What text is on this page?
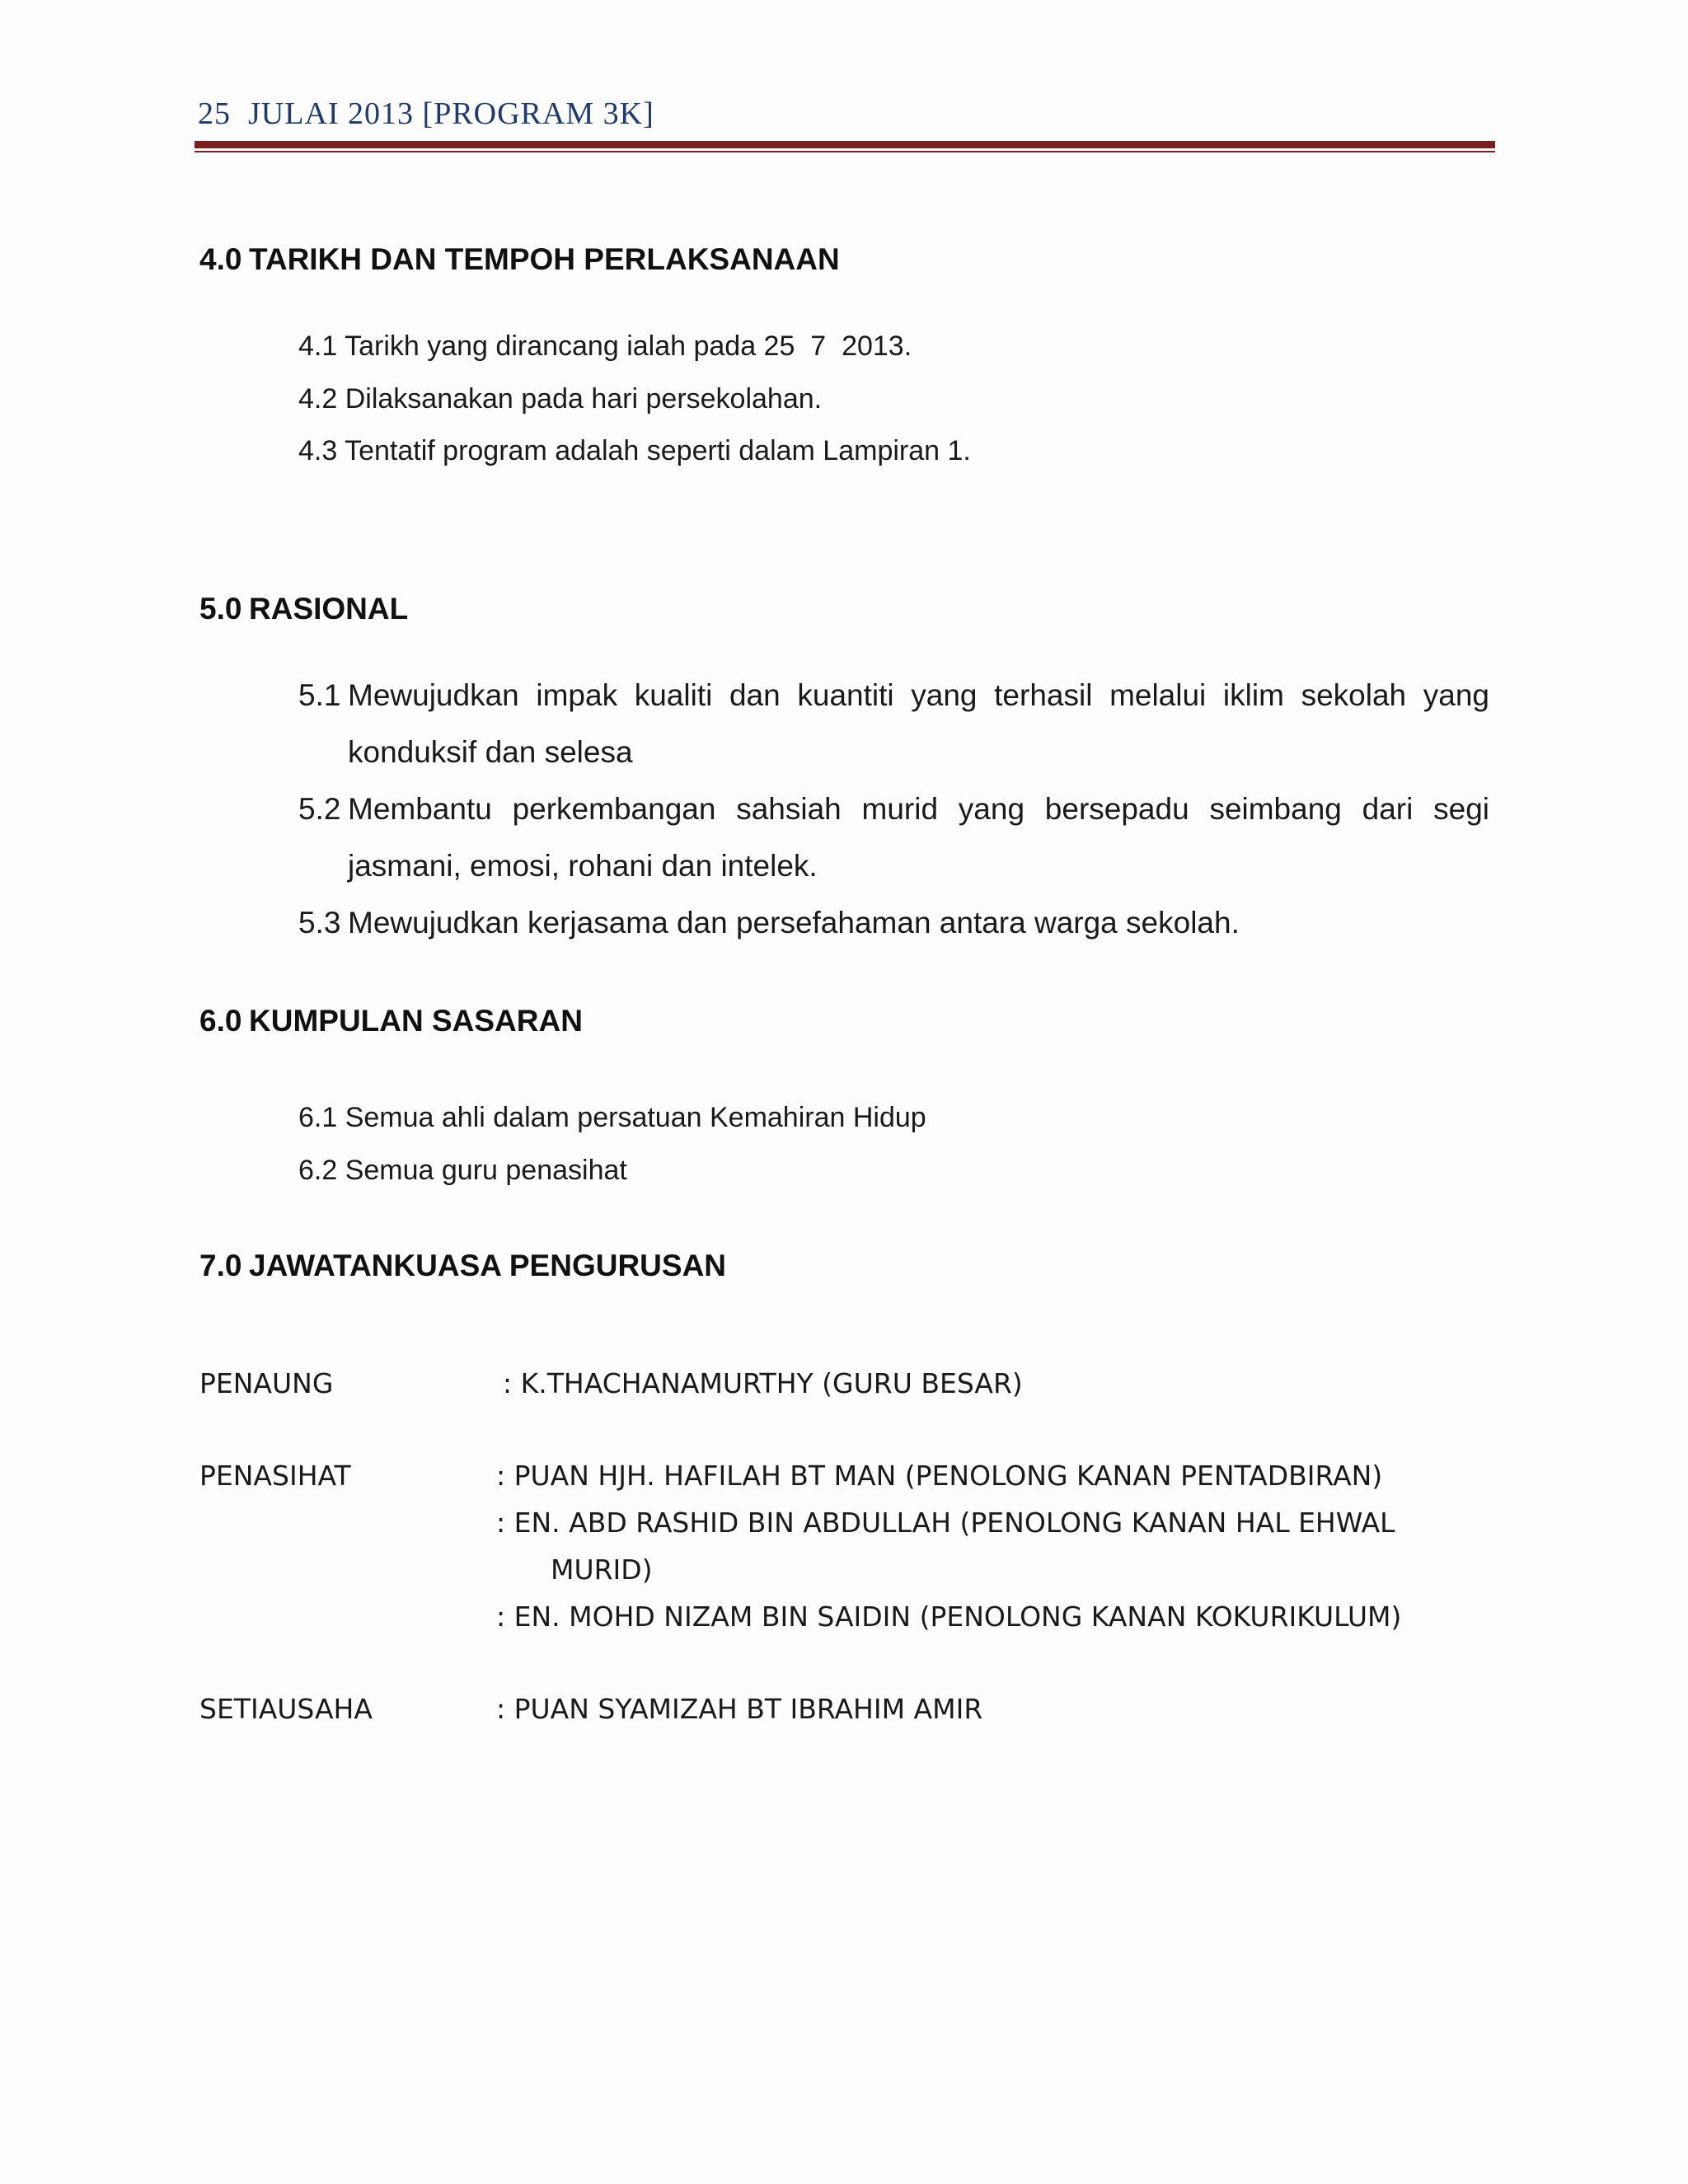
25  JULAI 2013 [PROGRAM 3K]
4.0 TARIKH DAN TEMPOH PERLAKSANAAN
4.1 Tarikh yang dirancang ialah pada 25  7  2013.
4.2 Dilaksanakan pada hari persekolahan.
4.3 Tentatif program adalah seperti dalam Lampiran 1.
5.0 RASIONAL
5.1 Mewujudkan impak kualiti dan kuantiti yang terhasil melalui iklim sekolah yang konduksif dan selesa
5.2 Membantu perkembangan sahsiah murid yang bersepadu seimbang dari segi jasmani, emosi, rohani dan intelek.
5.3 Mewujudkan kerjasama dan persefahaman antara warga sekolah.
6.0 KUMPULAN SASARAN
6.1 Semua ahli dalam persatuan Kemahiran Hidup
6.2 Semua guru penasihat
7.0 JAWATANKUASA PENGURUSAN
PENAUNG	: K.THACHANAMURTHY (GURU BESAR)
PENASIHAT	: PUAN HJH. HAFILAH BT MAN (PENOLONG KANAN PENTADBIRAN)
: EN. ABD RASHID BIN ABDULLAH (PENOLONG KANAN HAL EHWAL
MURID)
: EN. MOHD NIZAM BIN SAIDIN (PENOLONG KANAN KOKURIKULUM)
SETIAUSAHA	: PUAN SYAMIZAH BT IBRAHIM AMIR
